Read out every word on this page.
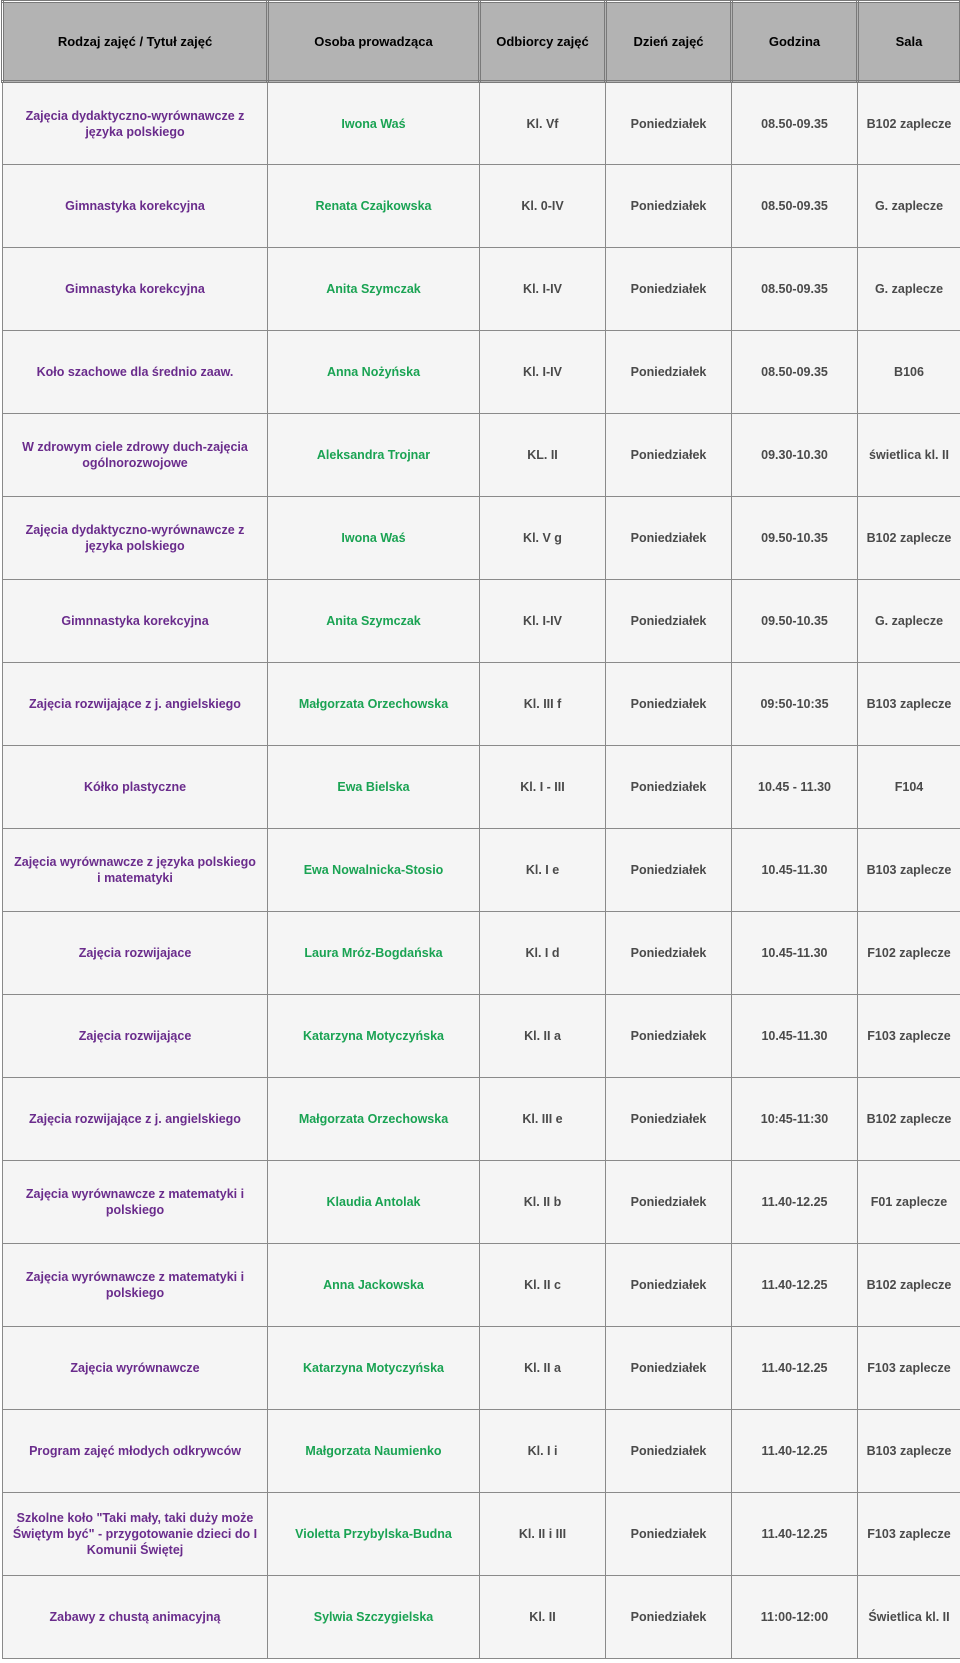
Rodzaj zajęć / Tytuł zajęć	Osoba prowadząca	Odbiorcy zajęć	Dzień zajęć	Godzina	Sala
Zajęcia dydaktyczno-wyrównawcze z języka polskiego	Iwona Waś	Kl. Vf	Poniedziałek	08.50-09.35	B102 zaplecze
Gimnastyka korekcyjna	Renata Czajkowska	Kl. 0-IV	Poniedziałek	08.50-09.35	G. zaplecze
Gimnastyka korekcyjna	Anita Szymczak	Kl. I-IV	Poniedziałek	08.50-09.35	G. zaplecze
Koło szachowe dla średnio zaaw.	Anna Nożyńska	Kl. I-IV	Poniedziałek	08.50-09.35	B106
W zdrowym ciele zdrowy duch-zajęcia ogólnorozwojowe	Aleksandra Trojnar	KL. II	Poniedziałek	09.30-10.30	świetlica kl. II
Zajęcia dydaktyczno-wyrównawcze z języka polskiego	Iwona Waś	Kl. V g	Poniedziałek	09.50-10.35	B102 zaplecze
Gimnnastyka korekcyjna	Anita Szymczak	Kl. I-IV	Poniedziałek	09.50-10.35	G. zaplecze
Zajęcia rozwijające z j. angielskiego	Małgorzata Orzechowska	Kl. III f	Poniedziałek	09:50-10:35	B103 zaplecze
Kółko plastyczne	Ewa Bielska	Kl. I - III	Poniedziałek	10.45 - 11.30	F104
Zajęcia wyrównawcze z języka polskiego i matematyki	Ewa Nowalnicka-Stosio	Kl. I e	Poniedziałek	10.45-11.30	B103 zaplecze
Zajęcia rozwijajace	Laura Mróz-Bogdańska	Kl. I d	Poniedziałek	10.45-11.30	F102 zaplecze
Zajęcia rozwijające	Katarzyna Motyczyńska	Kl. II a	Poniedziałek	10.45-11.30	F103 zaplecze
Zajęcia rozwijające z j. angielskiego	Małgorzata Orzechowska	Kl. III e	Poniedziałek	10:45-11:30	B102 zaplecze
Zajęcia wyrównawcze z matematyki i polskiego	Klaudia Antolak	Kl. II b	Poniedziałek	11.40-12.25	F01 zaplecze
Zajęcia wyrównawcze z matematyki i polskiego	Anna Jackowska	Kl. II c	Poniedziałek	11.40-12.25	B102 zaplecze
Zajęcia wyrównawcze	Katarzyna Motyczyńska	Kl. II a	Poniedziałek	11.40-12.25	F103 zaplecze
Program zajęć młodych odkrywców	Małgorzata Naumienko	Kl. I i	Poniedziałek	11.40-12.25	B103 zaplecze
Szkolne koło "Taki mały, taki duży może Świętym być" - przygotowanie dzieci do I Komunii Świętej	Violetta Przybylska-Budna	Kl. II i III	Poniedziałek	11.40-12.25	F103 zaplecze
Zabawy z chustą animacyjną	Sylwia Szczygielska	Kl. II	Poniedziałek	11:00-12:00	Świetlica kl. II
